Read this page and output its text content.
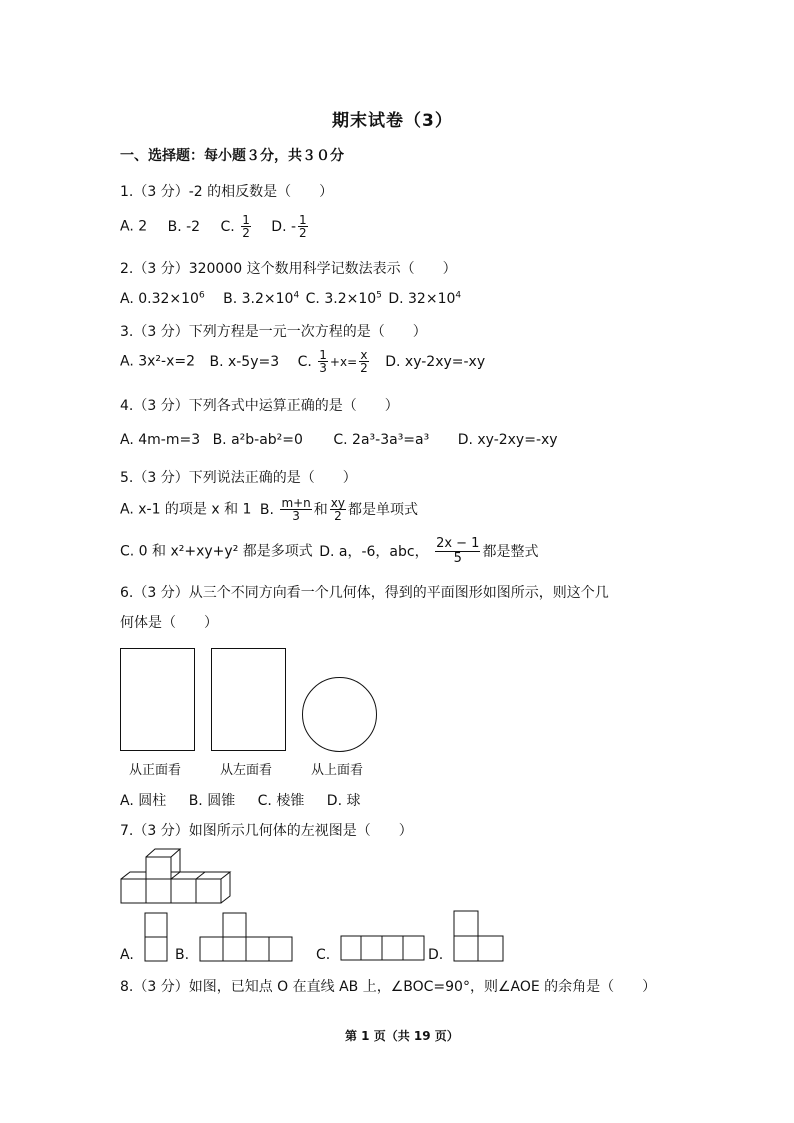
期末试卷（3）
一、选择题：每小题３分，共３０分
1.（3 分）-2 的相反数是（　　）
A. 2 B. -2 C. $\frac{1}{2} D$. - $\frac{1}{2}$
2.（3 分）320000 这个数用科学记数法表示（　　）
A. $0.32\times 10^6$ B. $3.2\times 10^4$ C. $3.2\times 10^5$ D. $32\times 10^4$
3.（3 分）下列方程是一元一次方程的是（　　）
A. 3x²-x=2 B. x-5y=3 C. $\frac{1}{3} +x= \frac{x}{2} D$. xy-2xy=-xy
4.（3 分）下列各式中运算正确的是（　　）
A. 4m-m=3 B. a²b-ab²=0 C. 2a³-3a³=a³ D. xy-2xy=-xy
5.（3 分）下列说法正确的是（　　）
A. x-1 的项是 x 和 1 B. $\frac{m+n}{3}$ 和 $\frac{xy}{2}$ 都是单项式
C. 0 和 x²+xy+y² 都是多项式 D. a，-6，abc， $\frac{2x - 1}{5}$ 都是整式
6.（3 分）从三个不同方向看一个几何体，得到的平面图形如图所示，则这个几
何体是（　　）
从正面看	从左面看	从上面看
A. 圆柱 B. 圆锥 C. 棱锥 D. 球
7.（3 分）如图所示几何体的左视图是（　　）
A.	B.	C.	D.
8.（3 分）如图，已知点 O 在直线 AB 上，∠BOC=90°，则∠AOE 的余角是（　　）
第 1 页（共 19 页）
